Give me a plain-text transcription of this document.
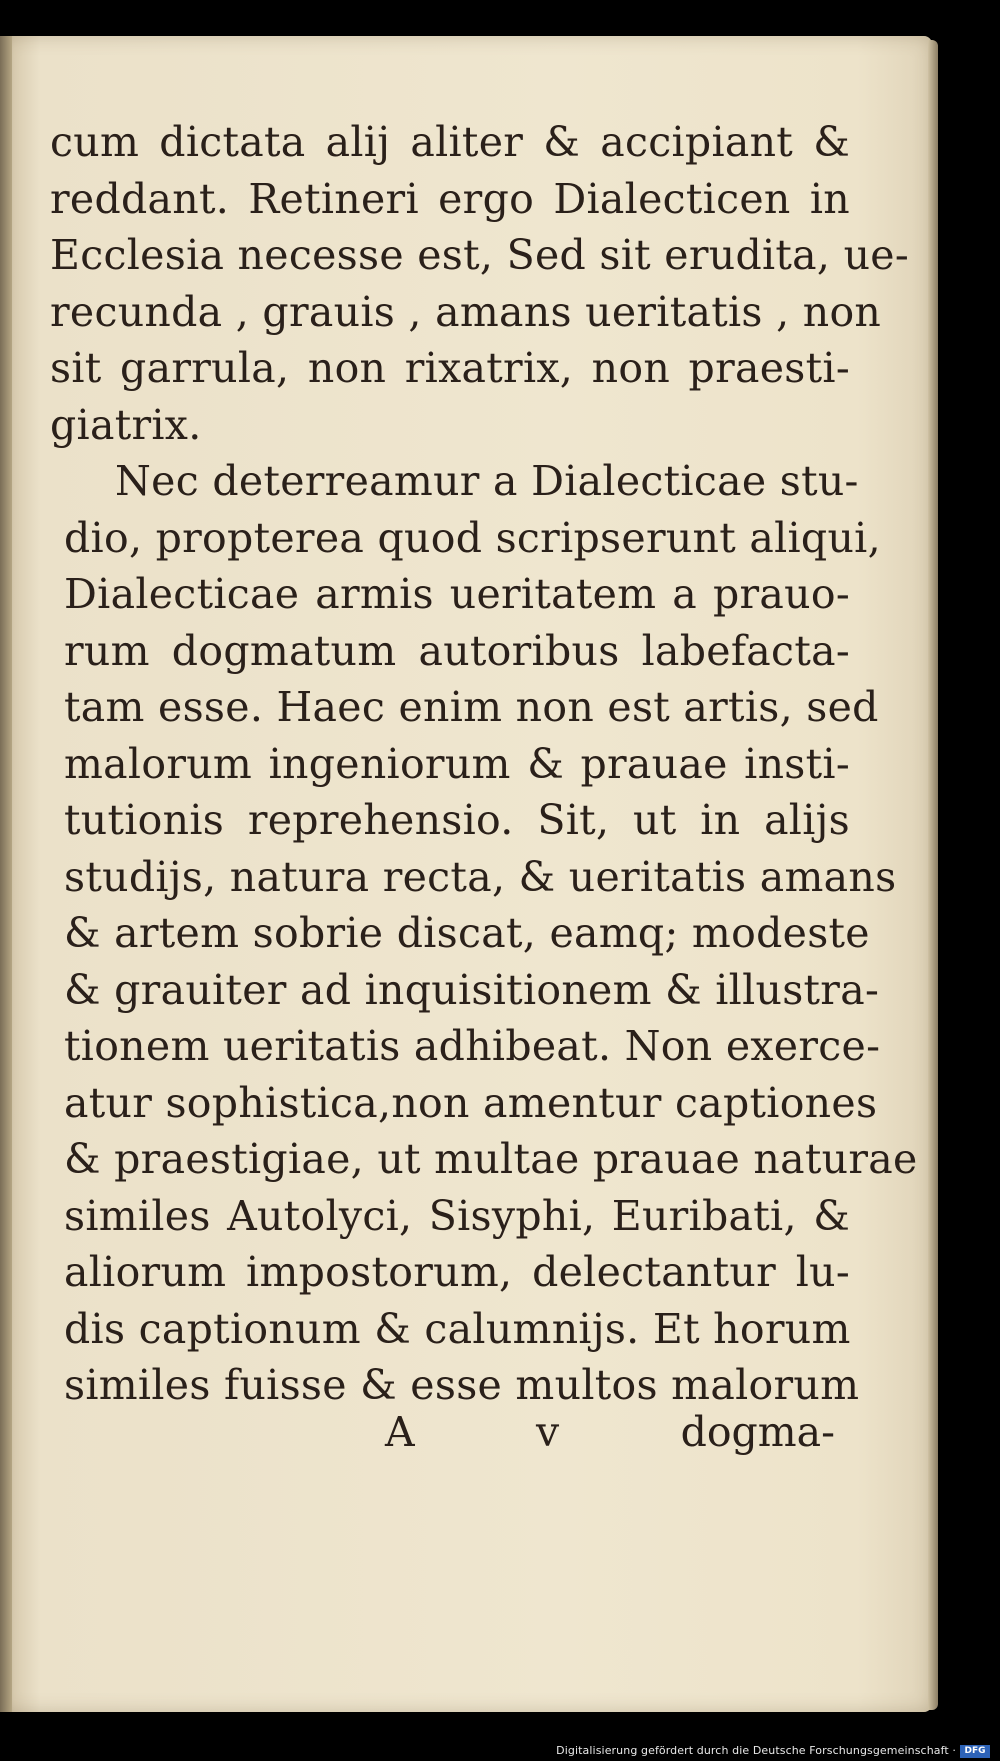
cum dictata alij aliter & accipiant &
reddant. Retineri ergo Dialecticen in
Ecclesia necesse est, Sed sit erudita, ue-
recunda , grauis , amans ueritatis , non
sit garrula, non rixatrix, non praesti-
giatrix.
Nec deterreamur a Dialecticae stu-
dio, propterea quod scripserunt aliqui,
Dialecticae armis ueritatem a prauo-
rum dogmatum autoribus labefacta-
tam esse. Haec enim non est artis, sed
malorum ingeniorum & prauae insti-
tutionis reprehensio. Sit, ut in alijs
studijs, natura recta, & ueritatis amans
& artem sobrie discat, eamq; modeste
& grauiter ad inquisitionem & illustra-
tionem ueritatis adhibeat. Non exerce-
atur sophistica,non amentur captiones
& praestigiae, ut multae prauae naturae
similes Autolyci, Sisyphi, Euribati, &
aliorum impostorum, delectantur lu-
dis captionum & calumnijs. Et horum
similes fuisse & esse multos malorum
A	v	dogma-
Digitalisierung gefördert durch die Deutsche Forschungsgemeinschaft · DFG
